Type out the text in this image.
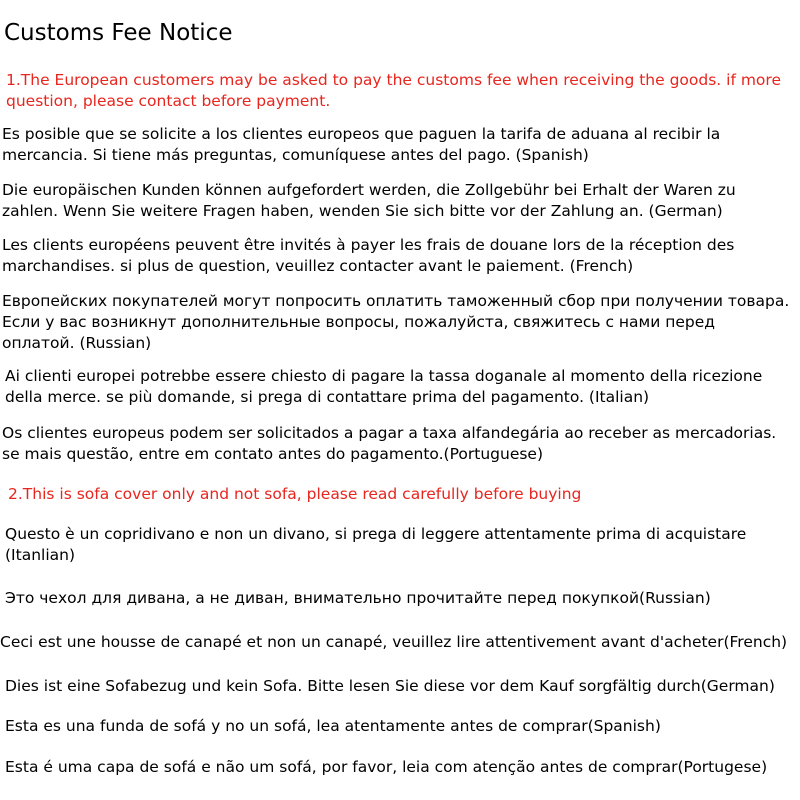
Customs Fee Notice

1.The European customers may be asked to pay the customs fee when receiving the goods. if more question, please contact before payment.

Es posible que se solicite a los clientes europeos que paguen la tarifa de aduana al recibir la mercancia. Si tiene más preguntas, comuníquese antes del pago. (Spanish)

Die europäischen Kunden können aufgefordert werden, die Zollgebühr bei Erhalt der Waren zu zahlen. Wenn Sie weitere Fragen haben, wenden Sie sich bitte vor der Zahlung an. (German)

Les clients européens peuvent être invités à payer les frais de douane lors de la réception des marchandises. si plus de question, veuillez contacter avant le paiement. (French)

Европейских покупателей могут попросить оплатить таможенный сбор при получении товара. Если у вас возникнут дополнительные вопросы, пожалуйста, свяжитесь с нами перед оплатой. (Russian)

Ai clienti europei potrebbe essere chiesto di pagare la tassa doganale al momento della ricezione della merce. se più domande, si prega di contattare prima del pagamento. (Italian)

Os clientes europeus podem ser solicitados a pagar a taxa alfandegária ao receber as mercadorias. se mais questão, entre em contato antes do pagamento.(Portuguese)

2.This is sofa cover only and not sofa, please read carefully before buying

Questo è un copridivano e non un divano, si prega di leggere attentamente prima di acquistare (Itanlian)

Это чехол для дивана, а не диван, внимательно прочитайте перед покупкой(Russian)

Ceci est une housse de canapé et non un canapé, veuillez lire attentivement avant d'acheter(French)

Dies ist eine Sofabezug und kein Sofa. Bitte lesen Sie diese vor dem Kauf sorgfältig durch(German)

Esta es una funda de sofá y no un sofá, lea atentamente antes de comprar(Spanish)

Esta é uma capa de sofá e não um sofá, por favor, leia com atenção antes de comprar(Portugese)
